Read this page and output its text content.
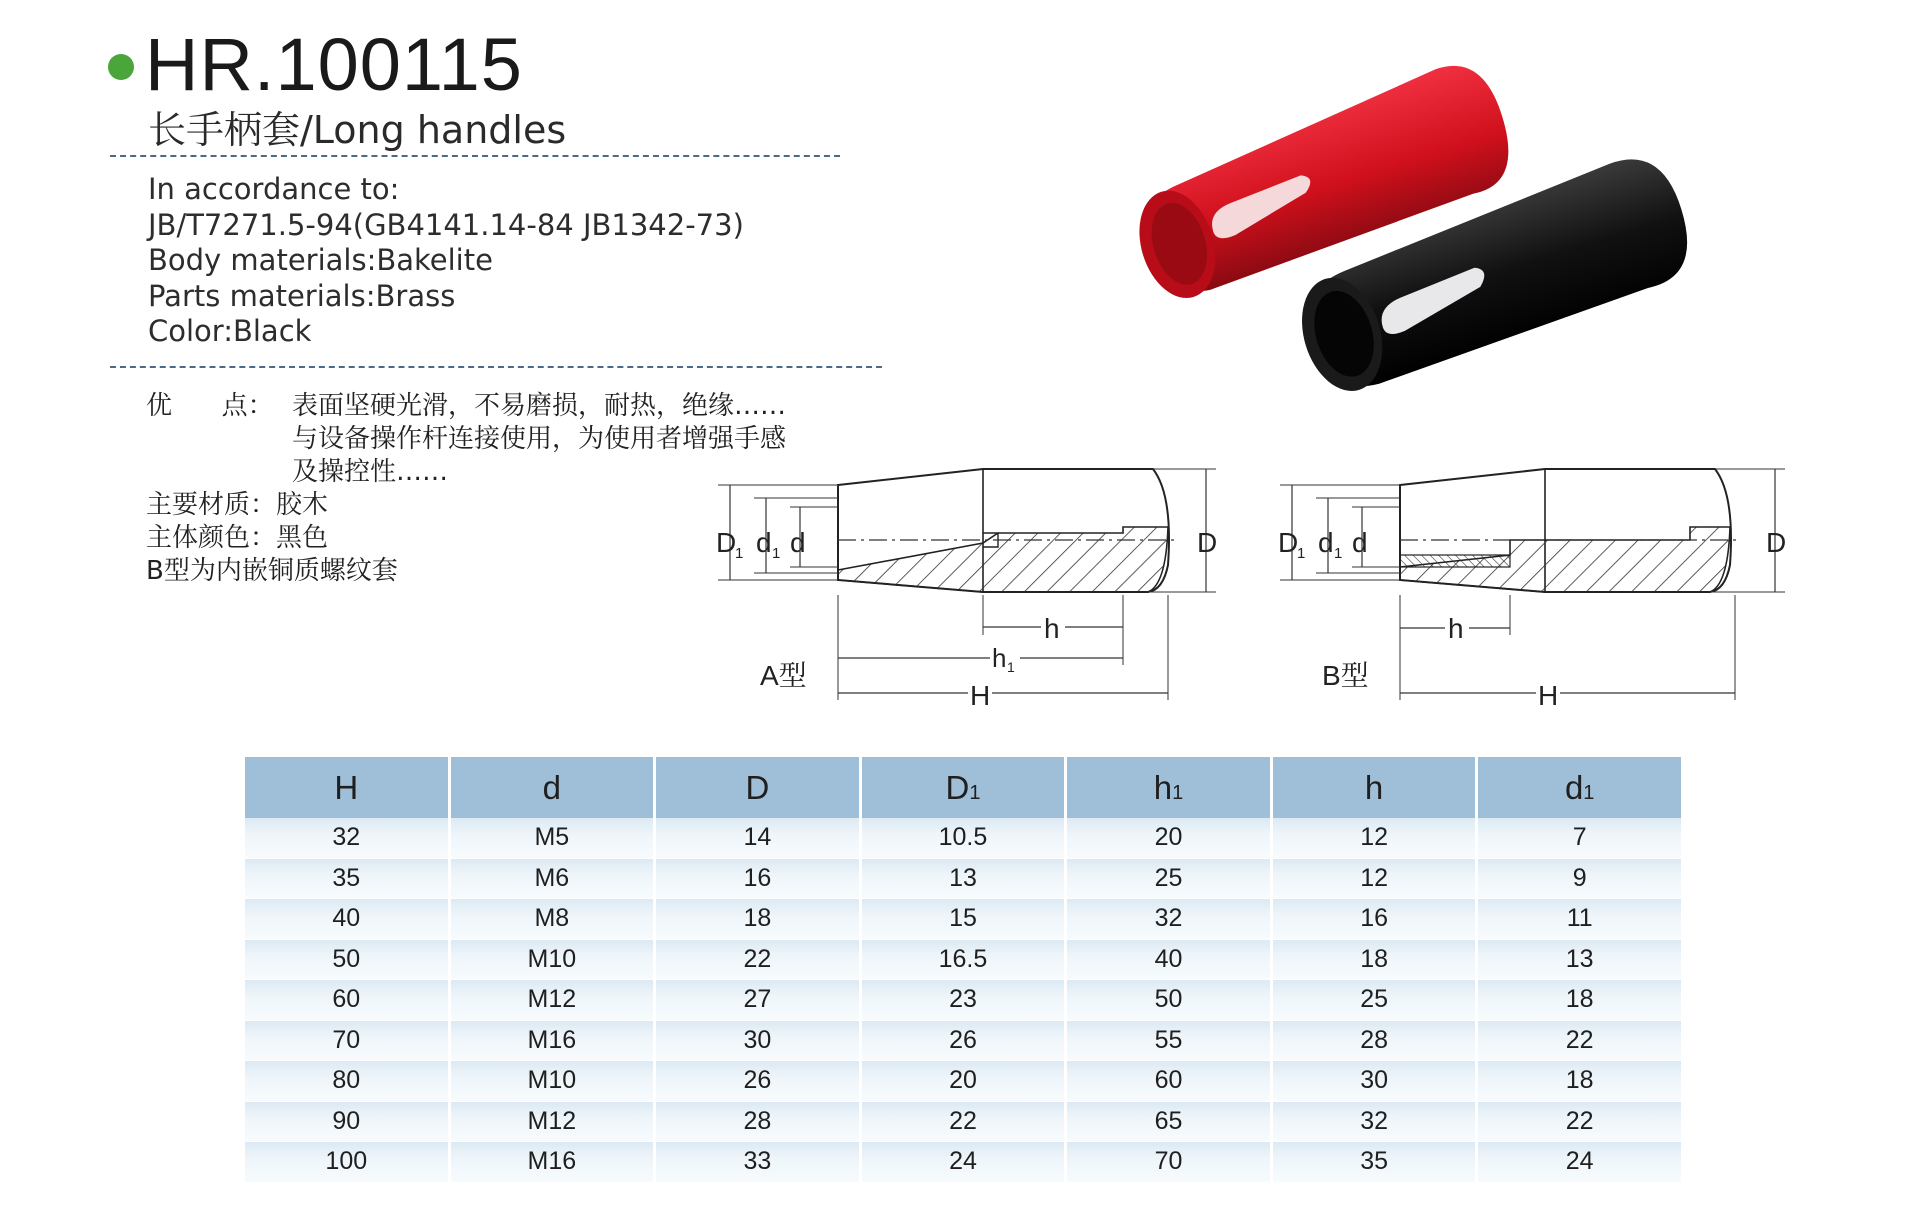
HR.100115
长手柄套/Long handles
In accordance to:
JB/T7271.5-94(GB4141.14-84 JB1342-73)
Body materials:Bakelite
Parts materials:Brass
Color:Black
优      点： 表面坚硬光滑，不易磨损，耐热，绝缘……
与设备操作杆连接使用，为使用者增强手感
及操控性……
主要材质：胶木
主体颜色：黑色
B型为内嵌铜质螺纹套
D
1 d 1 d	D
h
h 1
H
A型
D
1 d 1 d	D
h
H
B型
H	d	D	D1	h1	h	d1
32	M5	14	10.5	20	12	7
35	M6	16	13	25	12	9
40	M8	18	15	32	16	11
50	M10	22	16.5	40	18	13
60	M12	27	23	50	25	18
70	M16	30	26	55	28	22
80	M10	26	20	60	30	18
90	M12	28	22	65	32	22
100	M16	33	24	70	35	24
